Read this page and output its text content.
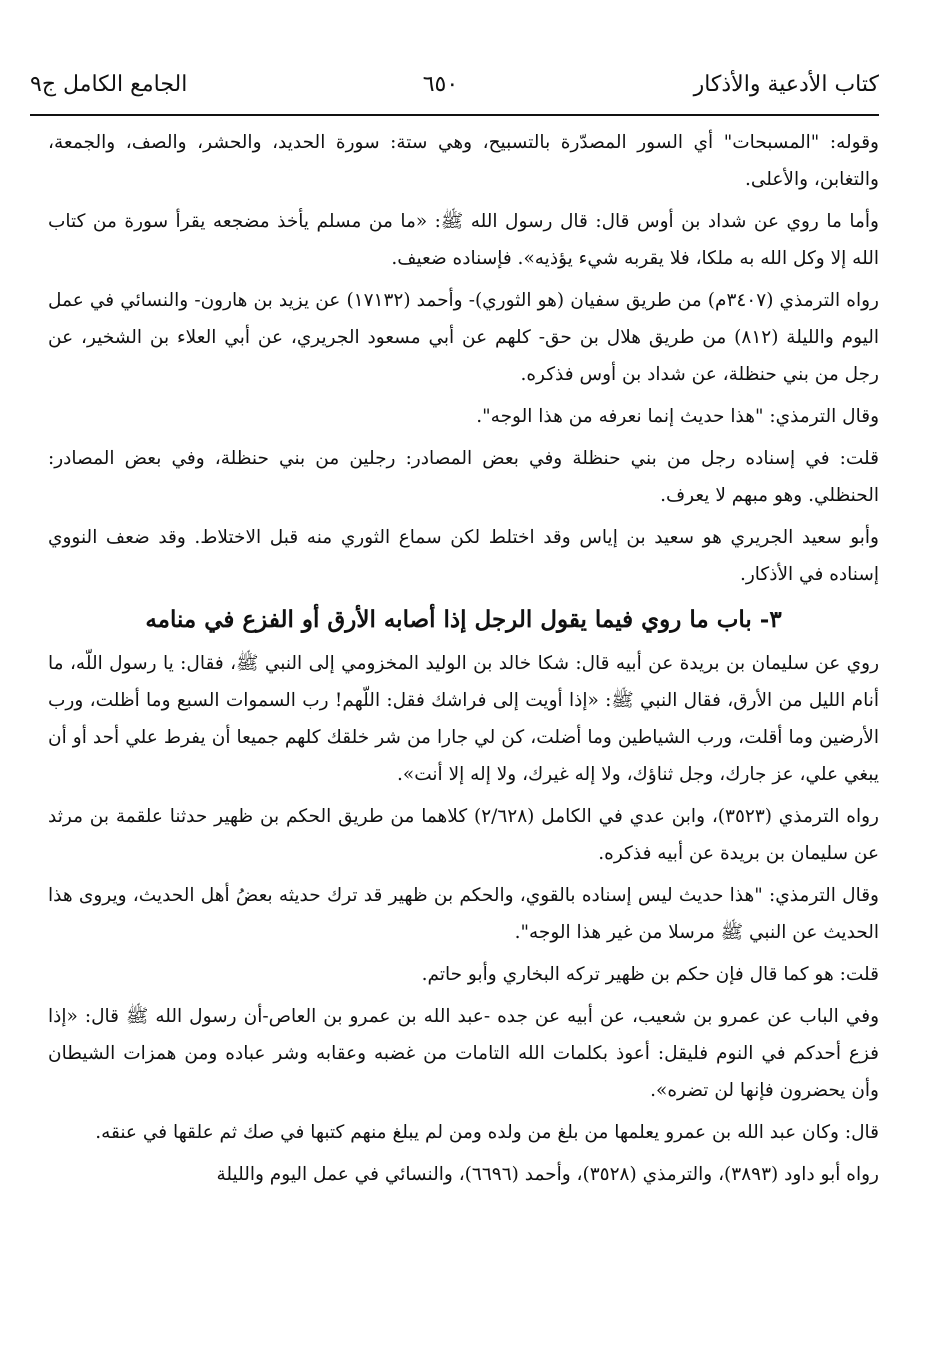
كتاب الأدعية والأذكار
٦٥٠
الجامع الكامل ج٩

وقوله: "المسبحات" أي السور المصدّرة بالتسبيح، وهي ستة: سورة الحديد، والحشر، والصف، والجمعة، والتغابن، والأعلى.

وأما ما روي عن شداد بن أوس قال: قال رسول الله ﷺ: «ما من مسلم يأخذ مضجعه يقرأ سورة من كتاب الله إلا وكل الله به ملكا، فلا يقربه شيء يؤذيه». فإسناده ضعيف.

رواه الترمذي (٣٤٠٧م) من طريق سفيان (هو الثوري)- وأحمد (١٧١٣٢) عن يزيد بن هارون- والنسائي في عمل اليوم والليلة (٨١٢) من طريق هلال بن حق- كلهم عن أبي مسعود الجريري، عن أبي العلاء بن الشخير، عن رجل من بني حنظلة، عن شداد بن أوس فذكره.

وقال الترمذي: "هذا حديث إنما نعرفه من هذا الوجه".

قلت: في إسناده رجل من بني حنظلة وفي بعض المصادر: رجلين من بني حنظلة، وفي بعض المصادر: الحنظلي. وهو مبهم لا يعرف.

وأبو سعيد الجريري هو سعيد بن إياس وقد اختلط لكن سماع الثوري منه قبل الاختلاط. وقد ضعف النووي إسناده في الأذكار.

٣- باب ما روي فيما يقول الرجل إذا أصابه الأرق أو الفزع في منامه

روي عن سليمان بن بريدة عن أبيه قال: شكا خالد بن الوليد المخزومي إلى النبي ﷺ، فقال: يا رسول اللّه، ما أنام الليل من الأرق، فقال النبي ﷺ: «إذا أويت إلى فراشك فقل: اللّهم! رب السموات السبع وما أظلت، ورب الأرضين وما أقلت، ورب الشياطين وما أضلت، كن لي جارا من شر خلقك كلهم جميعا أن يفرط علي أحد أو أن يبغي علي، عز جارك، وجل ثناؤك، ولا إله غيرك، ولا إله إلا أنت».

رواه الترمذي (٣٥٢٣)، وابن عدي في الكامل (٢/٦٢٨) كلاهما من طريق الحكم بن ظهير حدثنا علقمة بن مرثد عن سليمان بن بريدة عن أبيه فذكره.

وقال الترمذي: "هذا حديث ليس إسناده بالقوي، والحكم بن ظهير قد ترك حديثه بعضُ أهل الحديث، ويروى هذا الحديث عن النبي ﷺ مرسلا من غير هذا الوجه".

قلت: هو كما قال فإن حكم بن ظهير تركه البخاري وأبو حاتم.

وفي الباب عن عمرو بن شعيب، عن أبيه عن جده -عبد الله بن عمرو بن العاص-أن رسول الله ﷺ قال: «إذا فزع أحدكم في النوم فليقل: أعوذ بكلمات الله التامات من غضبه وعقابه وشر عباده ومن همزات الشيطان وأن يحضرون فإنها لن تضره».

قال: وكان عبد الله بن عمرو يعلمها من بلغ من ولده ومن لم يبلغ منهم كتبها في صك ثم علقها في عنقه.

رواه أبو داود (٣٨٩٣)، والترمذي (٣٥٢٨)، وأحمد (٦٦٩٦)، والنسائي في عمل اليوم والليلة
